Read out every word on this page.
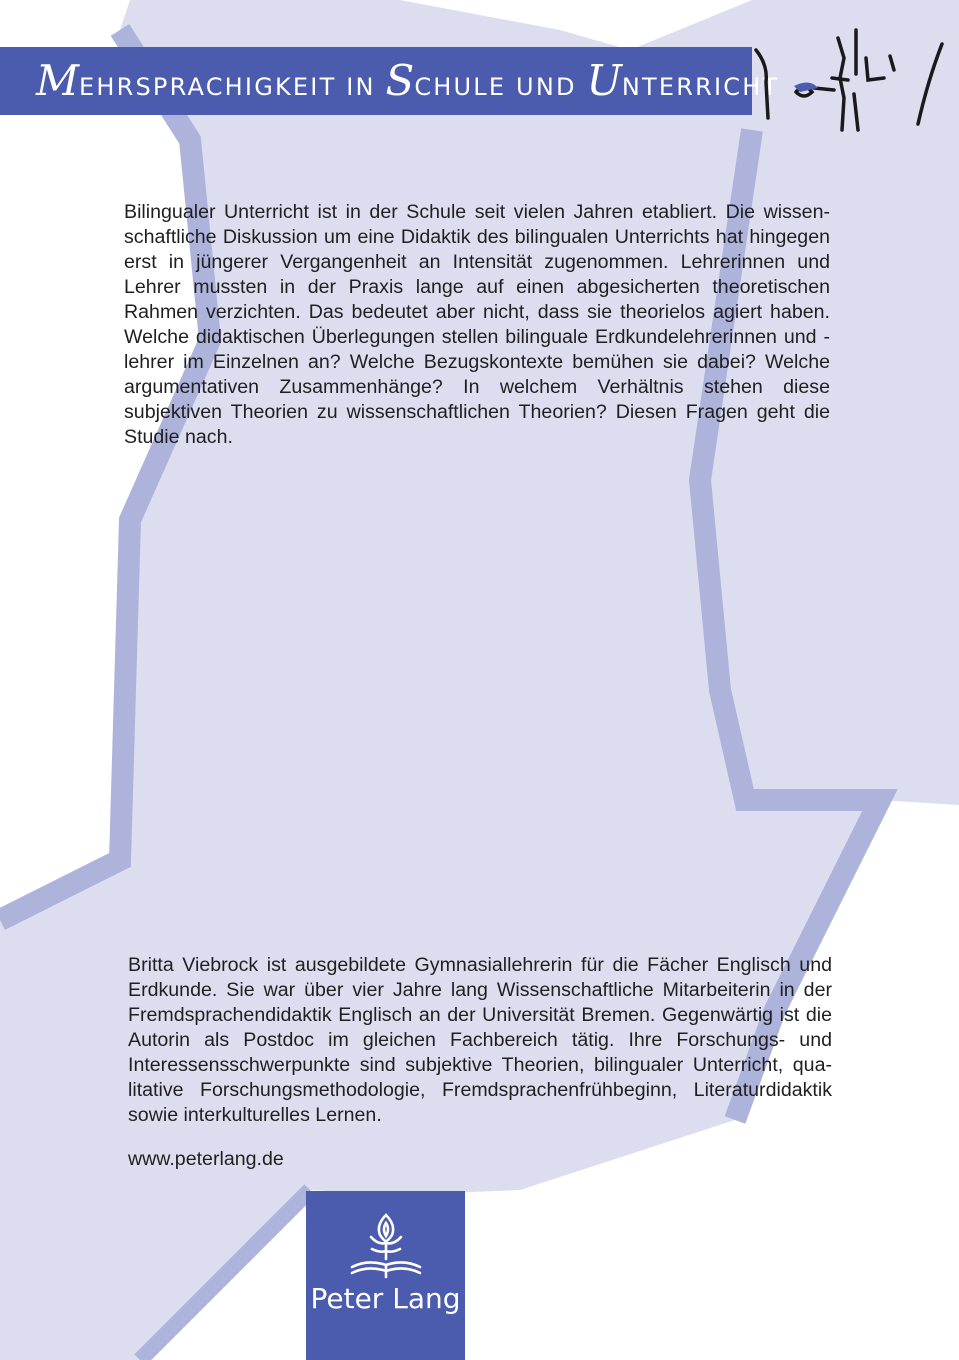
MEHRSPRACHIGKEIT IN SCHULE UND UNTERRICHT
Bilingualer Unterricht ist in der Schule seit vielen Jahren etabliert. Die wissen-schaftliche Diskussion um eine Didaktik des bilingualen Unterrichts hat hingegen erst in jüngerer Vergangenheit an Intensität zugenommen. Lehrerinnen und Lehrer mussten in der Praxis lange auf einen abgesicherten theoretischen Rahmen verzichten. Das bedeutet aber nicht, dass sie theorielos agiert haben. Welche didaktischen Überlegungen stellen bilinguale Erdkundelehrerinnen und -lehrer im Einzelnen an? Welche Bezugskontexte bemühen sie dabei? Welche argumentativen Zusammenhänge? In welchem Verhältnis stehen diese subjektiven Theorien zu wissenschaftlichen Theorien? Diesen Fragen geht die Studie nach.
Britta Viebrock ist ausgebildete Gymnasiallehrerin für die Fächer Englisch und Erdkunde. Sie war über vier Jahre lang Wissenschaftliche Mitarbeiterin in der Fremdsprachendidaktik Englisch an der Universität Bremen. Gegenwärtig ist die Autorin als Postdoc im gleichen Fachbereich tätig. Ihre Forschungs- und Interessensschwerpunkte sind subjektive Theorien, bilingualer Unterricht, qua-litative Forschungsmethodologie, Fremdsprachenfrühbeginn, Literaturdidaktik sowie interkulturelles Lernen.
www.peterlang.de
Peter Lang
